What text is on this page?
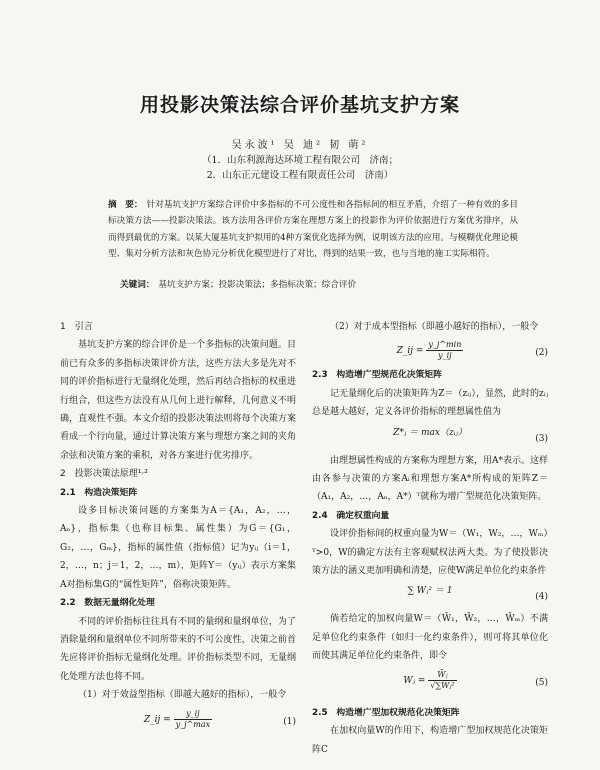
用投影决策法综合评价基坑支护方案
吴永波¹ 吴 迪² 韧 萌²
（1．山东利源海达环境工程有限公司　济南；
2．山东正元建设工程有限责任公司　济南）
摘　要： 针对基坑支护方案综合评价中多指标的不可公度性和各指标间的相互矛盾，介绍了一种有效的多目标决策方法——投影决策法。该方法用各评价方案在理想方案上的投影作为评价依据进行方案优劣排序，从而得到最优的方案。以某大厦基坑支护拟用的4种方案优化选择为例，说明该方法的应用。与模糊优化理论模型、集对分析方法和灰色协元分析优化模型进行了对比，得到的结果一致，也与当地的施工实际相符。
关键词： 基坑支护方案；投影决策法；多指标决策；综合评价
1　引言

基坑支护方案的综合评价是一个多指标的决策问题。目前已有众多的多指标决策评价方法，这些方法大多是先对不同的评价指标进行无量纲化处理，然后再结合指标的权重进行组合，但这些方法没有从几何上进行解释，几何意义不明确，直观性不强。本文介绍的投影决策法则将每个决策方案看成一个行向量，通过计算决策方案与理想方案之间的夹角余弦和决策方案的乘积，对各方案进行优劣排序。

2　投影决策法原理¹·²
2.1　构造决策矩阵

设多目标决策问题的方案集为A＝{A₁，A₂，…，Aₙ}，指标集（也称目标集、属性集）为G＝{G₁，G₂，…，Gₘ}，指标的属性值（指标值）记为yᵢⱼ（i＝1，2，…，n；j＝1，2，…，m），矩阵Y＝（yᵢⱼ）表示方案集A对指标集G的“属性矩阵”，俗称决策矩阵。

2.2　数据无量纲化处理

不同的评价指标往往具有不同的量纲和量纲单位，为了消除量纲和量纲单位不同所带来的不可公度性，决策之前首先应将评价指标无量纲化处理。评价指标类型不同，无量纲化处理方法也将不同。

（1）对于效益型指标（即越大越好的指标），一般令

Z_ij = $\frac{y\_ij}{y\_j\^{}\max}$	(1)

（2）对于成本型指标（即越小越好的指标），一般令

Z_ij = $\frac{y\_j\^{}\min}{y\_ij}$	(2)
2.3　构造增广型规范化决策矩阵

记无量纲化后的决策矩阵为Z＝（zᵢⱼ），显然，此时的zᵢⱼ总是越大越好，定义各评价指标的理想属性值为

Z*ⱼ ＝ max（zᵢⱼ）
(3)

由理想属性构成的方案称为理想方案，用A*表示。这样由各参与决策的方案Aᵢ和理想方案A*所构成的矩阵Z＝（A₁，A₂，…，Aₙ，A*）ᵀ就称为增广型规范化决策矩阵。

2.4　确定权重向量

设评价指标间的权重向量为W＝（W₁，W₂，…，Wₘ）ᵀ>0，W的确定方法有主客观赋权法两大类。为了使投影决策方法的涵义更加明确和清楚，应使W满足单位化约束条件

∑ Wⱼ² ＝ 1
(4)

倘若给定的加权向量W＝（W̄₁，W̄₂，…，W̄ₘ）不满足单位化约束条件（如归一化约束条件），则可将其单位化而使其满足单位化约束条件，即令

Wⱼ = $\frac{\text{W̄ⱼ}}{\text{√∑W̄ⱼ²}}$	(5)
2.5　构造增广型加权规范化决策矩阵

在加权向量W的作用下，构造增广型加权规范化决策矩阵C
